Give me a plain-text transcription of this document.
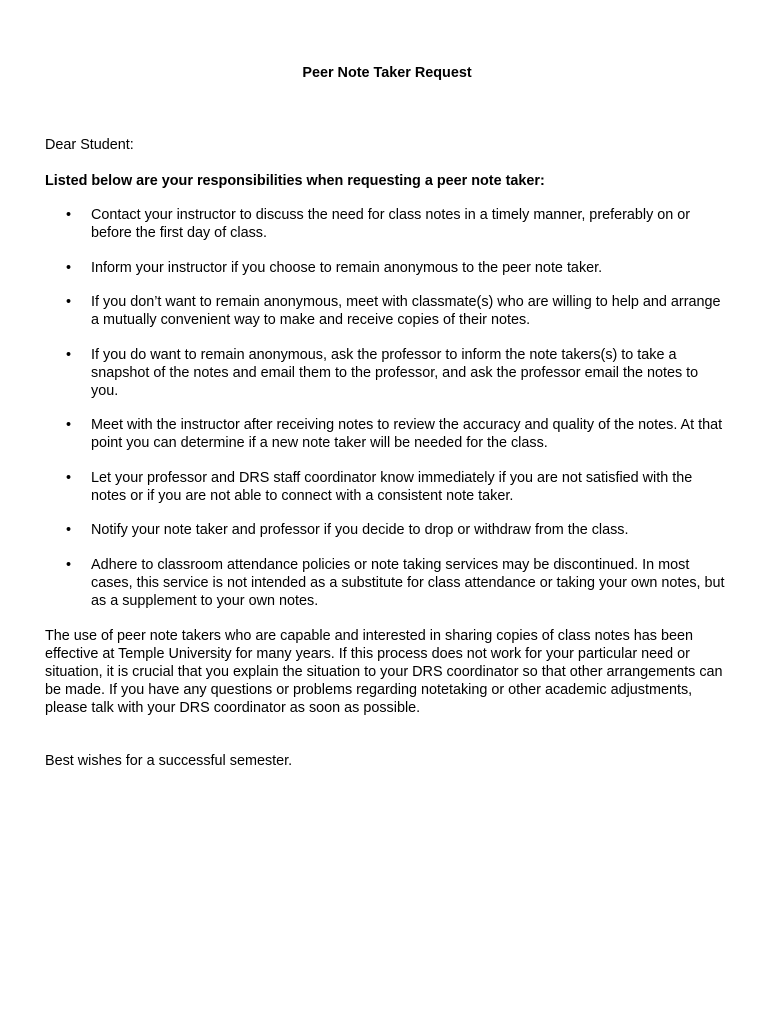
Peer Note Taker Request

Dear Student:

Listed below are your responsibilities when requesting a peer note taker:

• Contact your instructor to discuss the need for class notes in a timely manner, preferably on or before the first day of class.
• Inform your instructor if you choose to remain anonymous to the peer note taker.
• If you don’t want to remain anonymous, meet with classmate(s) who are willing to help and arrange a mutually convenient way to make and receive copies of their notes.
• If you do want to remain anonymous, ask the professor to inform the note takers(s) to take a snapshot of the notes and email them to the professor, and ask the professor email the notes to you.
• Meet with the instructor after receiving notes to review the accuracy and quality of the notes. At that point you can determine if a new note taker will be needed for the class.
• Let your professor and DRS staff coordinator know immediately if you are not satisfied with the notes or if you are not able to connect with a consistent note taker.
• Notify your note taker and professor if you decide to drop or withdraw from the class.
• Adhere to classroom attendance policies or note taking services may be discontinued. In most cases, this service is not intended as a substitute for class attendance or taking your own notes, but as a supplement to your own notes.

The use of peer note takers who are capable and interested in sharing copies of class notes has been effective at Temple University for many years. If this process does not work for your particular need or situation, it is crucial that you explain the situation to your DRS coordinator so that other arrangements can be made. If you have any questions or problems regarding notetaking or other academic adjustments, please talk with your DRS coordinator as soon as possible.

Best wishes for a successful semester.
